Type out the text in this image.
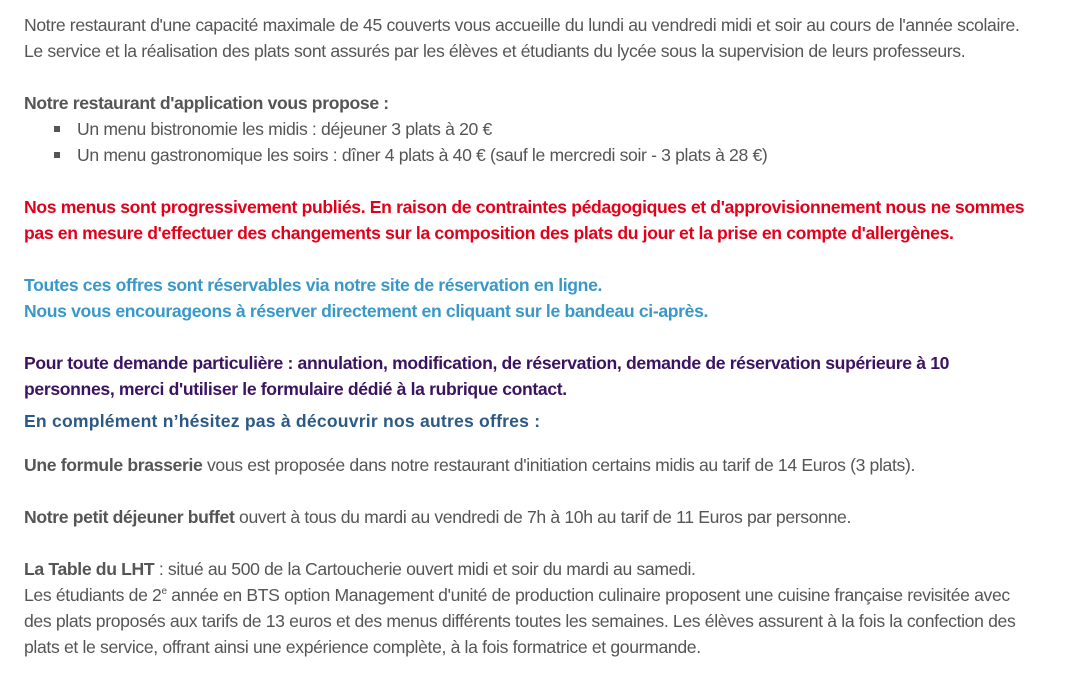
Notre restaurant d'une capacité maximale de 45 couverts vous accueille du lundi au vendredi midi et soir au cours de l'année scolaire.
Le service et la réalisation des plats sont assurés par les élèves et étudiants du lycée sous la supervision de leurs professeurs.

Notre restaurant d'application vous propose :

Un menu bistronomie les midis : déjeuner 3 plats à 20 €
Un menu gastronomique les soirs : dîner 4 plats à 40 € (sauf le mercredi soir - 3 plats à 28 €)

Nos menus sont progressivement publiés. En raison de contraintes pédagogiques et d'approvisionnement nous ne sommes
pas en mesure d'effectuer des changements sur la composition des plats du jour et la prise en compte d'allergènes.

Toutes ces offres sont réservables via notre site de réservation en ligne.
Nous vous encourageons à réserver directement en cliquant sur le bandeau ci-après.

Pour toute demande particulière : annulation, modification, de réservation, demande de réservation supérieure à 10
personnes, merci d'utiliser le formulaire dédié à la rubrique contact.

En complément n’hésitez pas à découvrir nos autres offres :

Une formule brasserie vous est proposée dans notre restaurant d'initiation certains midis au tarif de 14 Euros (3 plats).

Notre petit déjeuner buffet ouvert à tous du mardi au vendredi de 7h à 10h au tarif de 11 Euros par personne.

La Table du LHT : situé au 500 de la Cartoucherie ouvert midi et soir du mardi au samedi.
Les étudiants de 2e année en BTS option Management d'unité de production culinaire proposent une cuisine française revisitée avec
des plats proposés aux tarifs de 13 euros et des menus différents toutes les semaines. Les élèves assurent à la fois la confection des
plats et le service, offrant ainsi une expérience complète, à la fois formatrice et gourmande.
